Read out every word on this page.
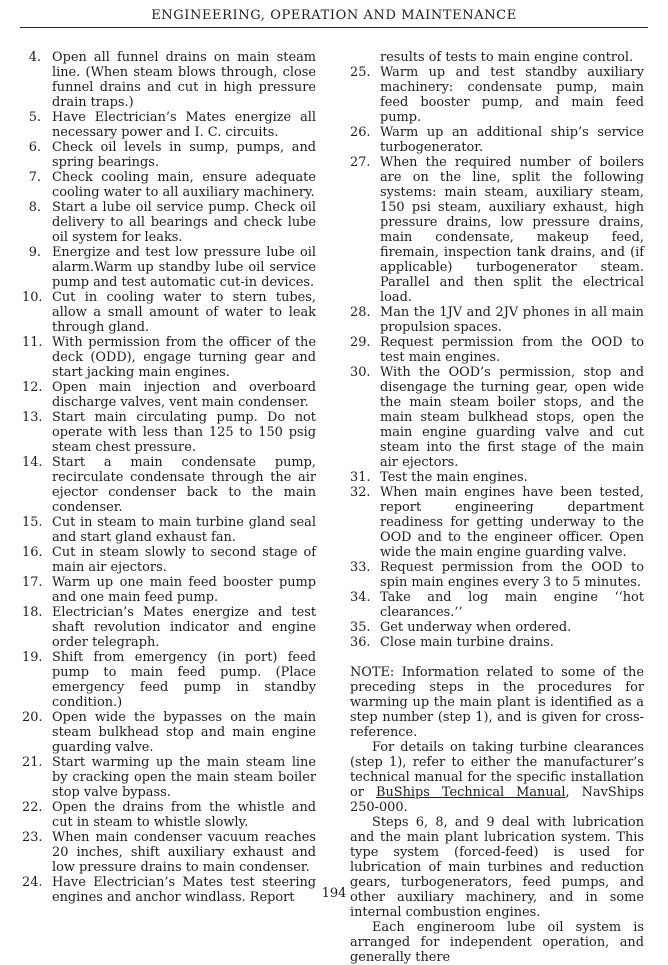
ENGINEERING, OPERATION AND MAINTENANCE
4. Open all funnel drains on main steam line. (When steam blows through, close funnel drains and cut in high pressure drain traps.)
5. Have Electrician’s Mates energize all necessary power and I. C. circuits.
6. Check oil levels in sump, pumps, and spring bearings.
7. Check cooling main, ensure adequate cooling water to all auxiliary machinery.
8. Start a lube oil service pump. Check oil delivery to all bearings and check lube oil system for leaks.
9. Energize and test low pressure lube oil alarm.Warm up standby lube oil service pump and test automatic cut-in devices.
10. Cut in cooling water to stern tubes, allow a small amount of water to leak through gland.
11. With permission from the officer of the deck (ODD), engage turning gear and start jacking main engines.
12. Open main injection and overboard discharge valves, vent main condenser.
13. Start main circulating pump. Do not operate with less than 125 to 150 psig steam chest pressure.
14. Start a main condensate pump, recirculate condensate through the air ejector condenser back to the main condenser.
15. Cut in steam to main turbine gland seal and start gland exhaust fan.
16. Cut in steam slowly to second stage of main air ejectors.
17. Warm up one main feed booster pump and one main feed pump.
18. Electrician’s Mates energize and test shaft revolution indicator and engine order telegraph.
19. Shift from emergency (in port) feed pump to main feed pump. (Place emergency feed pump in standby condition.)
20. Open wide the bypasses on the main steam bulkhead stop and main engine guarding valve.
21. Start warming up the main steam line by cracking open the main steam boiler stop valve bypass.
22. Open the drains from the whistle and cut in steam to whistle slowly.
23. When main condenser vacuum reaches 20 inches, shift auxiliary exhaust and low pressure drains to main condenser.
24. Have Electrician’s Mates test steering engines and anchor windlass. Report
results of tests to main engine control.
25. Warm up and test standby auxiliary machinery: condensate pump, main feed booster pump, and main feed pump.
26. Warm up an additional ship’s service turbogenerator.
27. When the required number of boilers are on the line, split the following systems: main steam, auxiliary steam, 150 psi steam, auxiliary exhaust, high pressure drains, low pressure drains, main condensate, makeup feed, firemain, inspection tank drains, and (if applicable) turbogenerator steam. Parallel and then split the electrical load.
28. Man the 1JV and 2JV phones in all main propulsion spaces.
29. Request permission from the OOD to test main engines.
30. With the OOD’s permission, stop and disengage the turning gear, open wide the main steam boiler stops, and the main steam bulkhead stops, open the main engine guarding valve and cut steam into the first stage of the main air ejectors.
31. Test the main engines.
32. When main engines have been tested, report engineering department readiness for getting underway to the OOD and to the engineer officer. Open wide the main engine guarding valve.
33. Request permission from the OOD to spin main engines every 3 to 5 minutes.
34. Take and log main engine ‘‘hot clearances.’’
35. Get underway when ordered.
36. Close main turbine drains.

NOTE: Information related to some of the preceding steps in the procedures for warming up the main plant is identified as a step number (step 1), and is given for cross-reference.

For details on taking turbine clearances (step 1), refer to either the manufacturer’s technical manual for the specific installation or BuShips Technical Manual, NavShips 250-000.

Steps 6, 8, and 9 deal with lubrication and the main plant lubrication system. This type system (forced-feed) is used for lubrication of main turbines and reduction gears, turbogenerators, feed pumps, and other auxiliary machinery, and in some internal combustion engines.

Each engineroom lube oil system is arranged for independent operation, and generally there

194
